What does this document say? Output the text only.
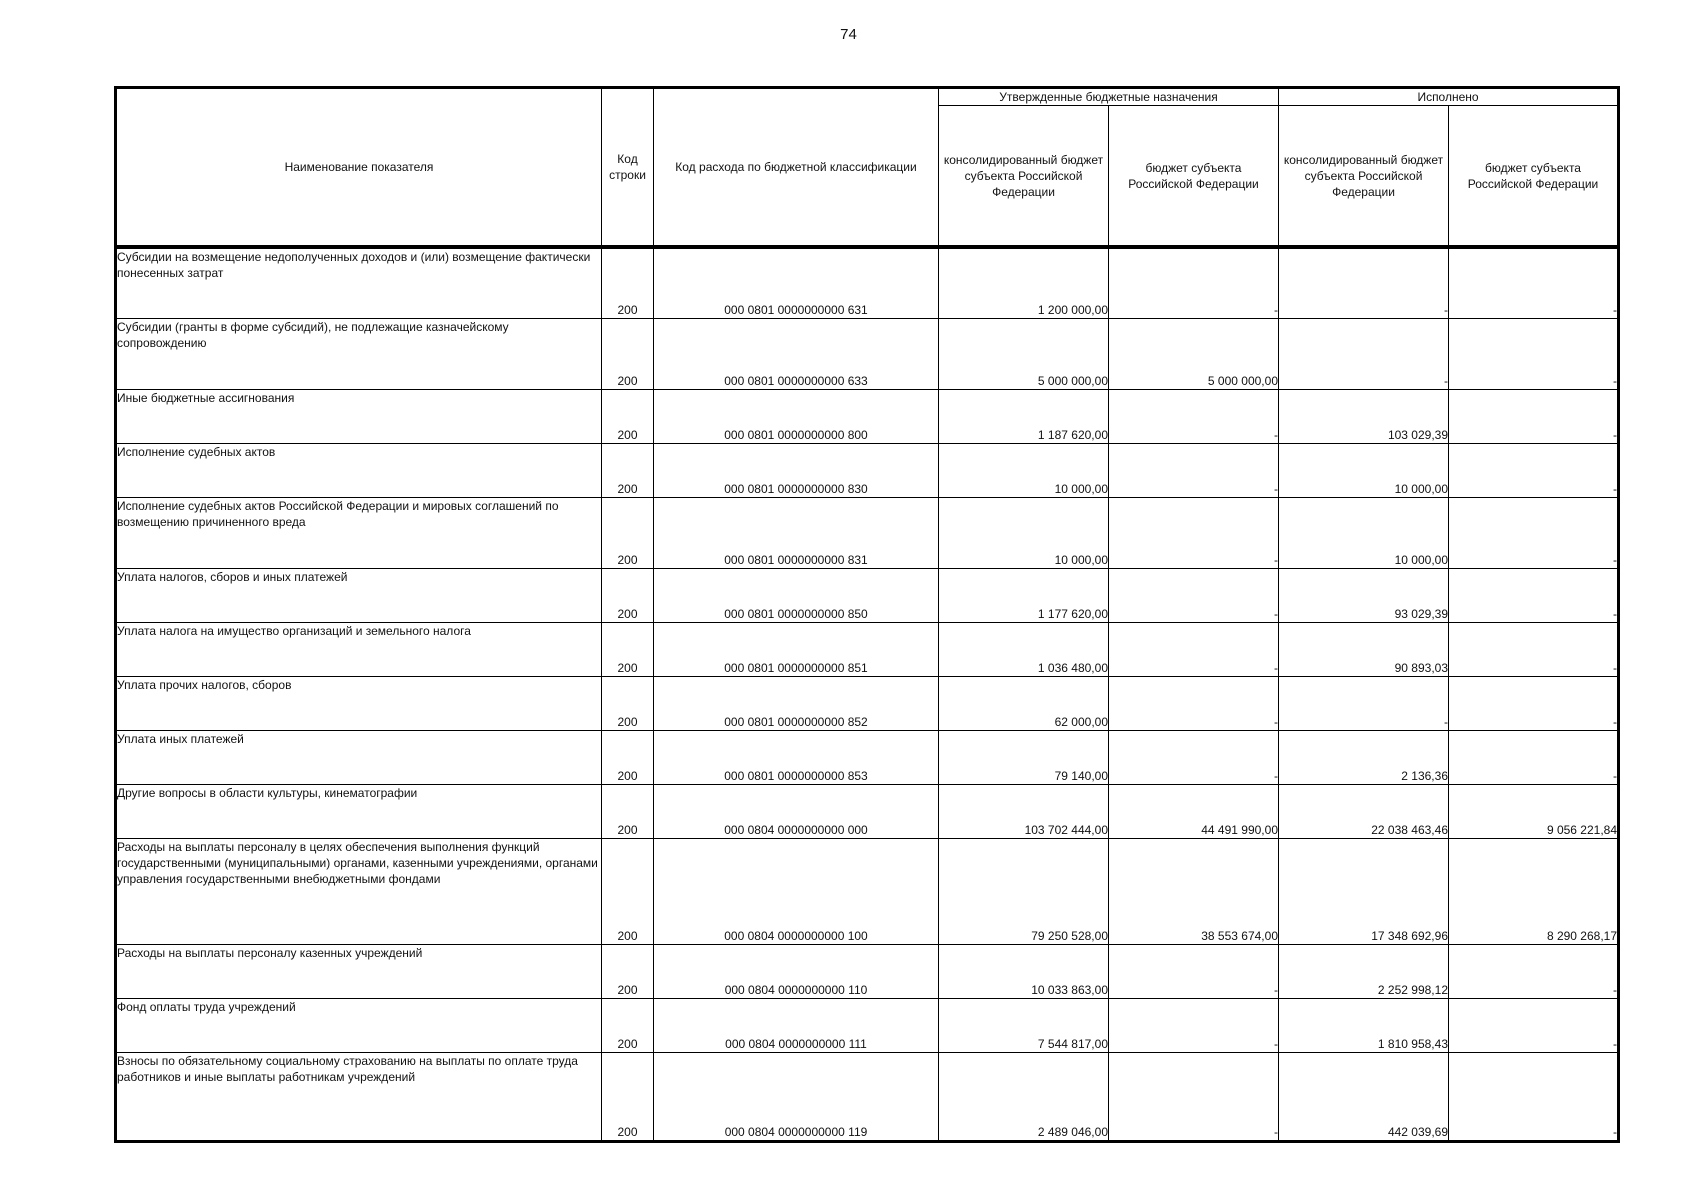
74
Наименование показателя	Код строки	Код расхода по бюджетной классификации	Утвержденные бюджетные назначения		Исполнено	
			консолидированный бюджет субъекта Российской Федерации	бюджет субъекта Российской Федерации	консолидированный бюджет субъекта Российской Федерации	бюджет субъекта Российской Федерации
Субсидии на возмещение недополученных доходов и (или) возмещение фактически понесенных затрат	200	000 0801 0000000000 631	1 200 000,00	-	-	-
Субсидии (гранты в форме субсидий), не подлежащие казначейскому сопровождению	200	000 0801 0000000000 633	5 000 000,00	5 000 000,00	-	-
Иные бюджетные ассигнования	200	000 0801 0000000000 800	1 187 620,00	-	103 029,39	-
Исполнение судебных актов	200	000 0801 0000000000 830	10 000,00	-	10 000,00	-
Исполнение судебных актов Российской Федерации и мировых соглашений по возмещению причиненного вреда	200	000 0801 0000000000 831	10 000,00	-	10 000,00	-
Уплата налогов, сборов и иных платежей	200	000 0801 0000000000 850	1 177 620,00	-	93 029,39	-
Уплата налога на имущество организаций и земельного налога	200	000 0801 0000000000 851	1 036 480,00	-	90 893,03	-
Уплата прочих налогов, сборов	200	000 0801 0000000000 852	62 000,00	-	-	-
Уплата иных платежей	200	000 0801 0000000000 853	79 140,00	-	2 136,36	-
Другие вопросы в области культуры, кинематографии	200	000 0804 0000000000 000	103 702 444,00	44 491 990,00	22 038 463,46	9 056 221,84
Расходы на выплаты персоналу в целях обеспечения выполнения функций государственными (муниципальными) органами, казенными учреждениями, органами управления государственными внебюджетными фондами	200	000 0804 0000000000 100	79 250 528,00	38 553 674,00	17 348 692,96	8 290 268,17
Расходы на выплаты персоналу казенных учреждений	200	000 0804 0000000000 110	10 033 863,00	-	2 252 998,12	-
Фонд оплаты труда учреждений	200	000 0804 0000000000 111	7 544 817,00	-	1 810 958,43	-
Взносы по обязательному социальному страхованию на выплаты по оплате труда работников и иные выплаты работникам учреждений	200	000 0804 0000000000 119	2 489 046,00	-	442 039,69	-
